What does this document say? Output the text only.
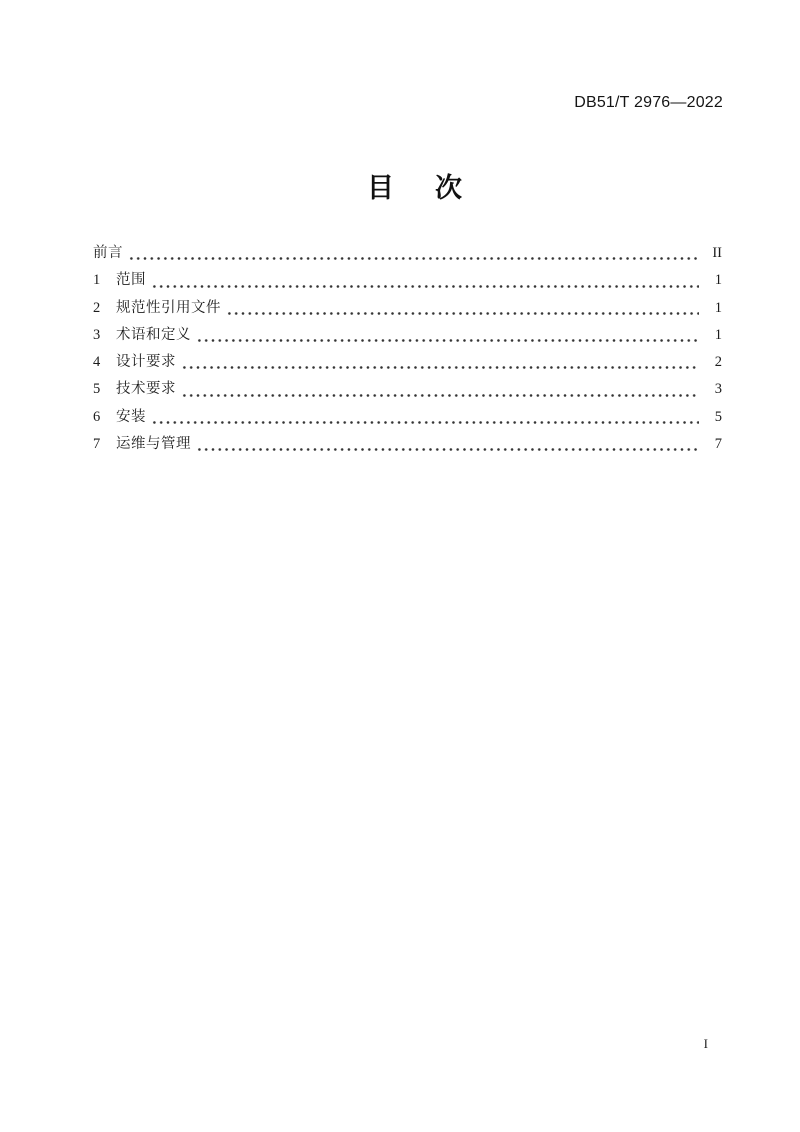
DB51/T 2976—2022
目　次
前言	II
1	范围	1
2	规范性引用文件	1
3	术语和定义	1
4	设计要求	2
5	技术要求	3
6	安装	5
7	运维与管理	7
I
